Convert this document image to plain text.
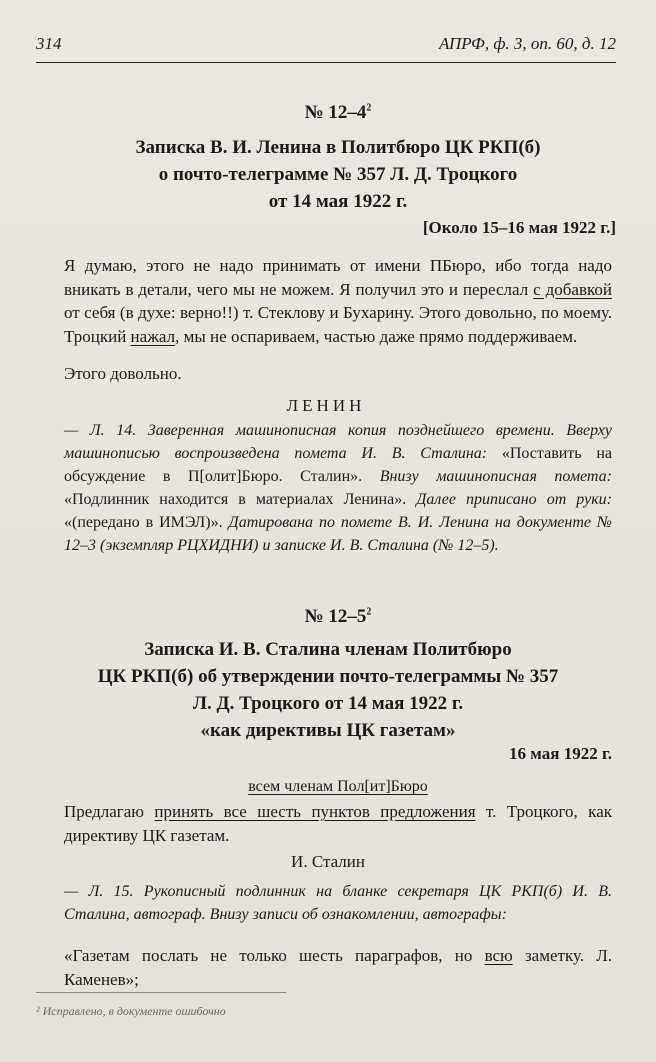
314	АПРФ, ф. 3, оп. 60, д. 12
№ $12-4^2$
Записка В. И. Ленина в Политбюро ЦК РКП(б)
о почто-телеграмме № 357 Л. Д. Троцкого
от 14 мая 1922 г.
[Около 15–16 мая 1922 г.]
Я думаю, этого не надо принимать от имени ПБюро, ибо тогда надо вникать в детали, чего мы не можем. Я получил это и переслал с добавкой от себя (в духе: верно!!) т. Стеклову и Бухарину. Этого довольно, по моему. Троцкий нажал, мы не оспариваем, частью даже прямо поддерживаем.
Этого довольно.
ЛЕНИН
— Л. 14. Заверенная машинописная копия позднейшего времени. Вверху машинописью воспроизведена помета И. В. Сталина: «Поставить на обсуждение в П[олит]Бюро. Сталин». Внизу машинописная помета: «Подлинник находится в материалах Ленина». Далее приписано от руки: «(передано в ИМЭЛ)». Датирована по помете В. И. Ленина на документе № 12–3 (экземпляр РЦХИДНИ) и записке И. В. Сталина (№ 12–5).
№ $12-5^2$
Записка И. В. Сталина членам Политбюро
ЦК РКП(б) об утверждении почто-телеграммы № 357
Л. Д. Троцкого от 14 мая 1922 г.
«как директивы ЦК газетам»
16 мая 1922 г.
всем членам Пол[ит]Бюро
Предлагаю принять все шесть пунктов предложения т. Троцкого, как директиву ЦК газетам.
И. Сталин
— Л. 15. Рукописный подлинник на бланке секретаря ЦК РКП(б) И. В. Сталина, автограф. Внизу записи об ознакомлении, автографы:
«Газетам послать не только шесть параграфов, но всю заметку. Л. Каменев»;
² Исправлено, в документе ошибочно
